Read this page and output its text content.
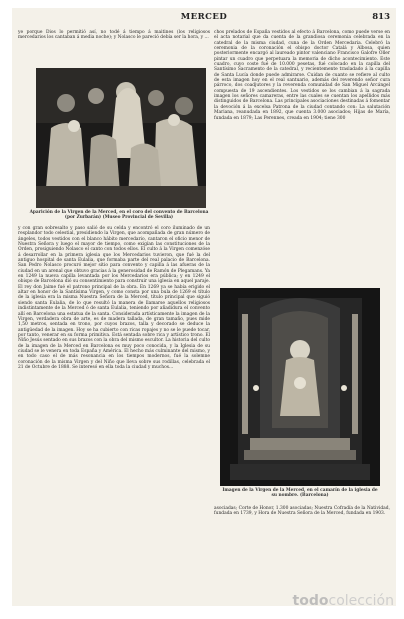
MERCED	813

ye porque Dios lo permitió así, no todé á tiempo á maitines (los religiosos mercedarios los cantaban á media noche); y Nolasco le pareció debía ser la hora, y ...

Aparición de la Virgen de la Merced, en el coro del convento de Barcelona (por Zurbarán) (Museo Provincial de Sevilla)

y con gran sobresalto y paso salió de su celda y encontró el coro iluminado de un resplandor todo celestial, presidiendo la Virgen, que acompañada de gran número de ángeles, todos vestidos con el blanco hábito mercedario, cantaron el oficio menor de Nuestra Señora y luego el mayor de tiempo, como exigían las constituciones de la Orden, prosiguiendo Nolasco el canto con todos ellos. El culto á la Virgen comenzóse á desarrollar en la primera iglesia que los Mercedarios tuvieron, que fué la del antiguo hospital de santa Eulalia, que formaba parte del real palacio de Barcelona. San Pedro Nolasco procuró mejor sitio para convento y capilla á las afueras de la ciudad en un arenal que obtuvo gracias á la generosidad de Ramón de Plegamans. Ya en 1249 la nueva capilla levantada por los Mercedarios era pública; y en 1249 el obispo de Barcelona dió su consentimiento para construir una iglesia en aquel paraje. El rey don Jaime fué el patrono principal de la obra. En 1269 ya se había erigido el altar en honor de la Santísima Virgen, y como consta por una bula de 1269 el título de la iglesia era la misma Nuestra Señora de la Merced, título principal que siguió siendo santa Eulalia, de lo que resultó la manera de llamarse aquellos religiosos indistintamente de la Merced ó de santa Eulalia, teniendo por añadidura el convento allí en Barcelona una estatua de la santa. Considerada artísticamente la imagen de la Virgen, verdadera obra de arte, es de madera tallada, de gran tamaño, pues mide 1,50 metros, sentada en trono, por cuyos brazos, talla y decorado se deduce la antigüedad de la imagen. Hoy se ha cubierto con ricas ropajes y no se le puede tocar, por tanto, venerar en su forma primitiva. Está sentada sobre rica y artístico trono. El Niño Jesús sentado en sus brazos con la obra del mismo escultor. La historia del culto de la imagen de la Merced en Barcelona es muy poco conocida, y la Iglesia de su ciudad se le venera en toda España y América. El hecho más culminante del mismo, y en todo caso el de más resonancia en los tiempos modernos, fué la solemne coronación de la misma Virgen y del Niño que lleva sobre sus rodillas, celebrada el 21 de Octubre de 1888. Se interesó en ella toda la ciudad y muchos...

chos prelados de España vestidos al efecto á Barcelona, como puede verse en el acta notarial que da cuenta de la grandiosa ceremonia celebrada en la catedral de la misma ciudad, cuna de la Orden Mercedaria. Celebró la ceremonia de la coronación el obispo doctor Catalá y Albosa, quien posteriormente encargó al laureado pintor valenciano Francisco Galofre Oller pintar un cuadro que perpetuara la memoria de dicho acontecimiento. Este cuadro, cuyo coste fué de 10.000 pesetas, fué colocado en la capilla del Santísimo Sacramento de la catedral, y recientemente trasladado á la capilla de Santa Lucía donde puede admirarse. Cuidan de cuanto se refiere al culto de esta imagen hoy en el real santuario, además del reverendo señor cura párroco, dos coadjutores y la reverenda comunidad de San Miguel Arcángel compuesta de 19 ascendientes. Los vestidos se los cambian á la sagrada imagen los señores camareras, entre las cuales se cuentan los apellidos más distinguidos de Barcelona. Las principales asociaciones destinadas á fomentar la devoción á la excelsa Patrona de la ciudad contando con: La salutación Mariana, reanudada en 1892, que cuenta 3.000 asociados; Hijas de María, fundada en 1879; Las Perennes, creada en 1904; tiene 300

Imagen de la Virgen de la Merced, en el camarín de la iglesia de su nombre. (Barcelona)

asociadas; Corte de Honor, 1.300 asociadas; Nuestra Cofradía de la Natividad, fundada en 1739, y Hora de Nuestra Señora de la Merced, fundada en 1903.

todocolección
